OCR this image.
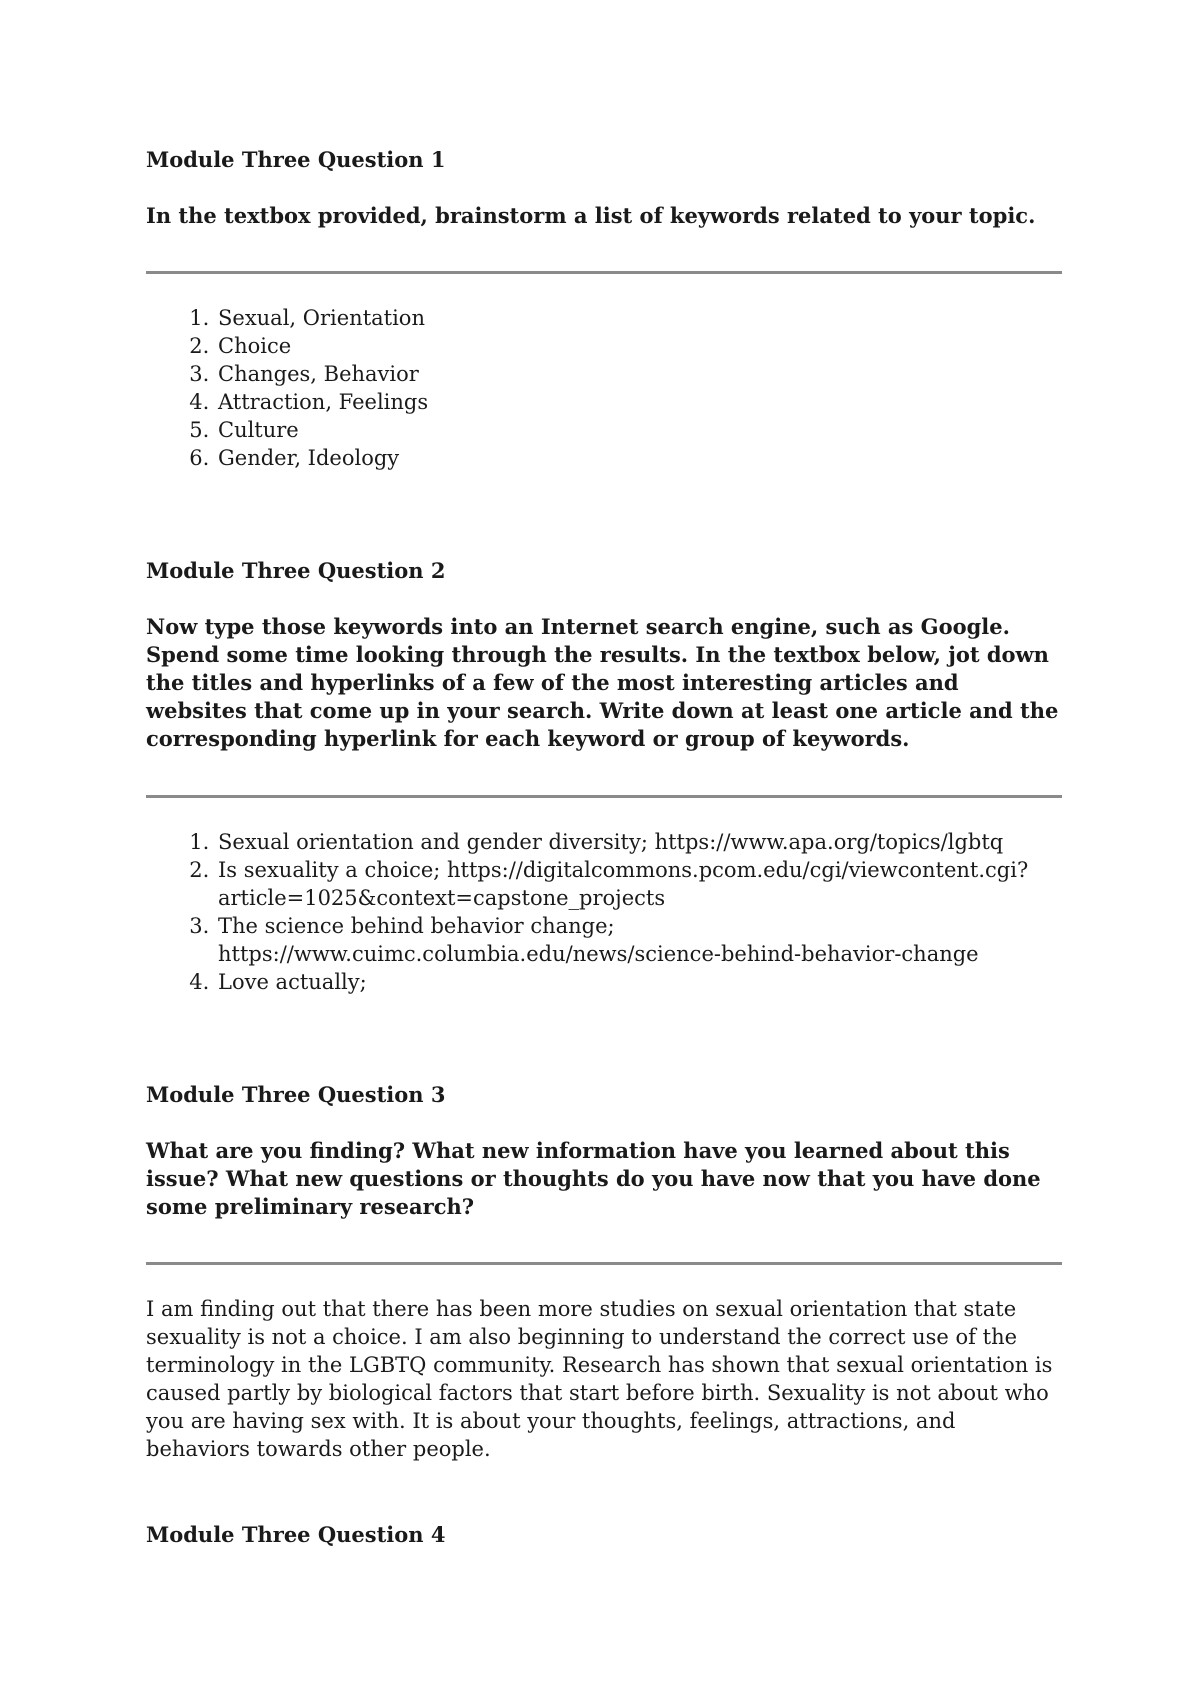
Module Three Question 1

In the textbox provided, brainstorm a list of keywords related to your topic.

1. Sexual, Orientation
2. Choice
3. Changes, Behavior
4. Attraction, Feelings
5. Culture
6. Gender, Ideology

Module Three Question 2

Now type those keywords into an Internet search engine, such as Google. Spend some time looking through the results. In the textbox below, jot down the titles and hyperlinks of a few of the most interesting articles and websites that come up in your search. Write down at least one article and the corresponding hyperlink for each keyword or group of keywords.

1. Sexual orientation and gender diversity; https://www.apa.org/topics/lgbtq
2. Is sexuality a choice; https://digitalcommons.pcom.edu/cgi/viewcontent.cgi? article=1025&context=capstone_projects
3. The science behind behavior change; https://www.cuimc.columbia.edu/news/science-behind-behavior-change
4. Love actually;

Module Three Question 3

What are you finding? What new information have you learned about this issue? What new questions or thoughts do you have now that you have done some preliminary research?

I am finding out that there has been more studies on sexual orientation that state sexuality is not a choice. I am also beginning to understand the correct use of the terminology in the LGBTQ community. Research has shown that sexual orientation is caused partly by biological factors that start before birth. Sexuality is not about who you are having sex with. It is about your thoughts, feelings, attractions, and behaviors towards other people.

Module Three Question 4
